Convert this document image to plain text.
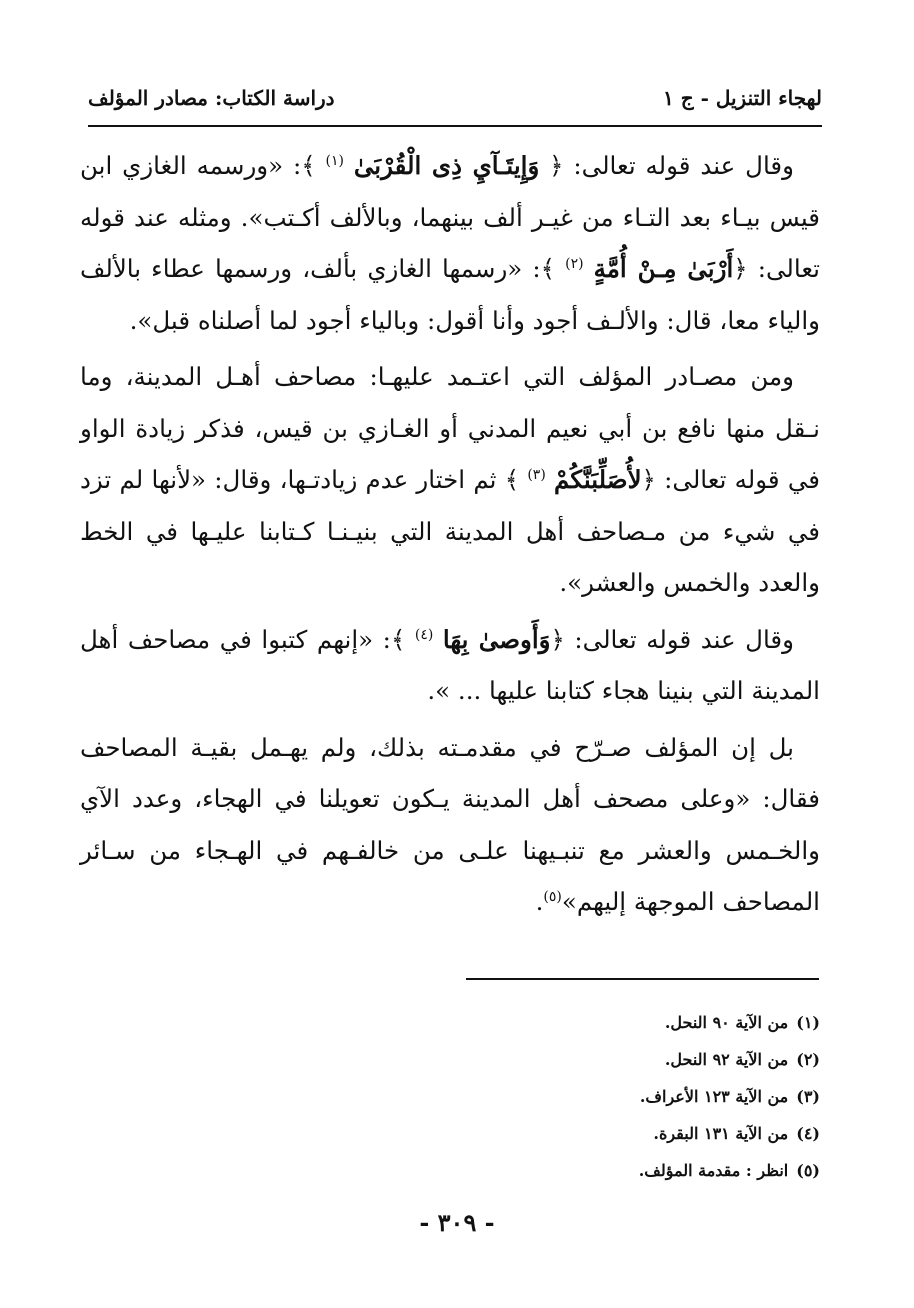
لهجاء التنزيل - ج ١
دراسة الكتاب: مصادر المؤلف

وقال عند قوله تعالى: ﴿ وَإِيتَـآيِ ذِى الْقُرْبَىٰ $^{(١)}$ ﴾: «ورسمه الغازي ابن قيس بيـاء بعد التـاء من غيـر ألف بينهما، وبالألف أكـتب». ومثله عند قوله تعالى: ﴿أَرْبَىٰ مِـنْ أُمَّةٍ $^{(٢)}$ ﴾: «رسمها الغازي بألف، ورسمها عطاء بالألف والياء معا، قال: والألـف أجود وأنا أقول: وبالياء أجود لما أصلناه قبل».

ومن مصـادر المؤلف التي اعتـمد عليهـا: مصاحف أهـل المدينة، وما نـقل منها نافع بن أبي نعيم المدني أو الغـازي بن قيس، فذكر زيادة الواو في قوله تعالى: ﴿لأُصَلِّبَنَّكُمْ $^{(٣)}$ ﴾ ثم اختار عدم زيادتـها، وقال: «لأنها لم تزد في شيء من مـصاحف أهل المدينة التي بنيـنـا كـتابنا عليـها في الخط والعدد والخمس والعشر».

وقال عند قوله تعالى: ﴿وَأَوصىٰ بِهَا $^{(٤)}$ ﴾: «إنهم كتبوا في مصاحف أهل المدينة التي بنينا هجاء كتابنا عليها ... ».

بل إن المؤلف صـرّح في مقدمـته بذلك، ولم يهـمل بقيـة المصاحف فقال: «وعلى مصحف أهل المدينة يـكون تعويلنا في الهجاء، وعدد الآي والخـمس والعشر مع تنبـيهنا علـى من خالفـهم في الهـجاء من سـائر المصاحف الموجهة إليهم»$^{(٥)}$.

(١)من الآية ٩٠ النحل.
(٢)من الآية ٩٢ النحل.
(٣)من الآية ١٢٣ الأعراف.
(٤)من الآية ١٣١ البقرة.
(٥)انظر : مقدمة المؤلف.
- ٣٠٩ -
